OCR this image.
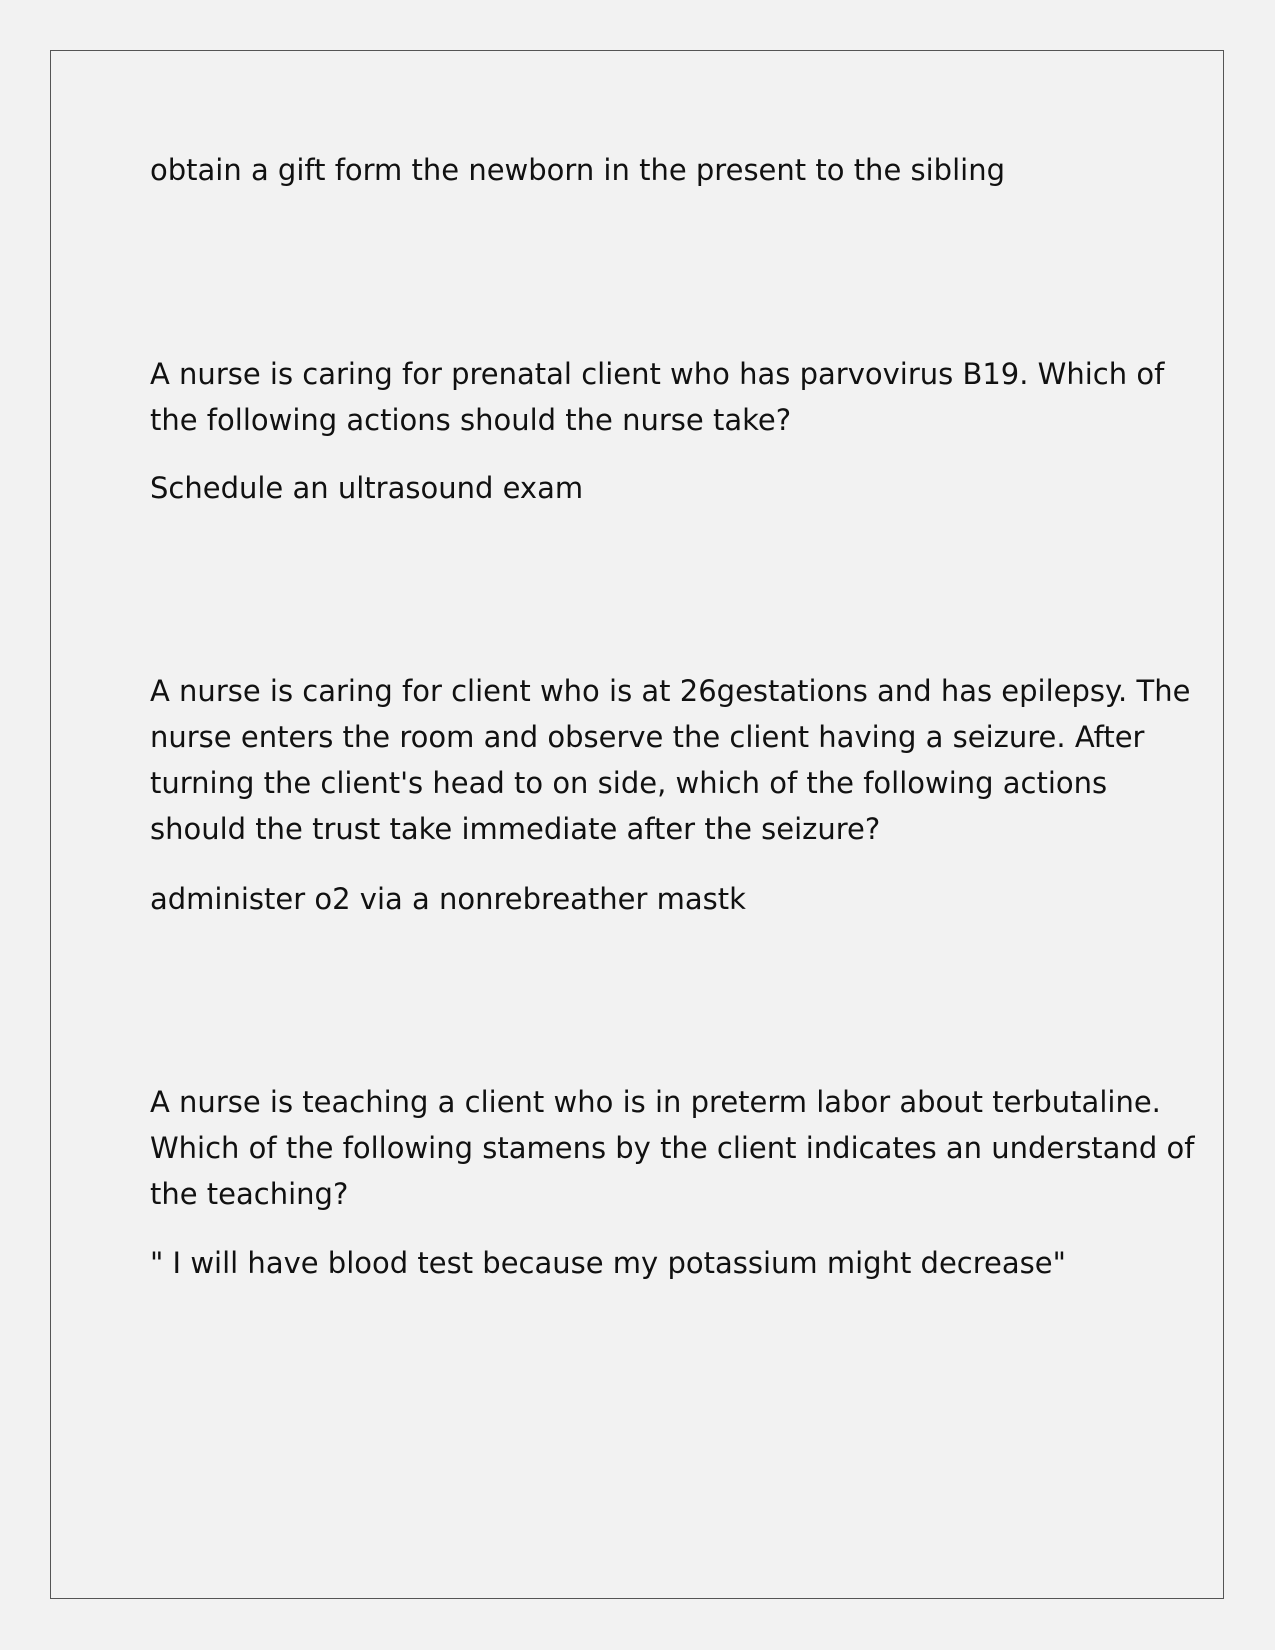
obtain a gift form the newborn in the present to the sibling

A nurse is caring for prenatal client who has parvovirus B19. Which of
the following actions should the nurse take?

Schedule an ultrasound exam

A nurse is caring for client who is at 26gestations and has epilepsy. The
nurse enters the room and observe the client having a seizure. After
turning the client's head to on side, which of the following actions
should the trust take immediate after the seizure?

administer o2 via a nonrebreather mastk

A nurse is teaching a client who is in preterm labor about terbutaline.
Which of the following stamens by the client indicates an understand of
the teaching?

" I will have blood test because my potassium might decrease"
